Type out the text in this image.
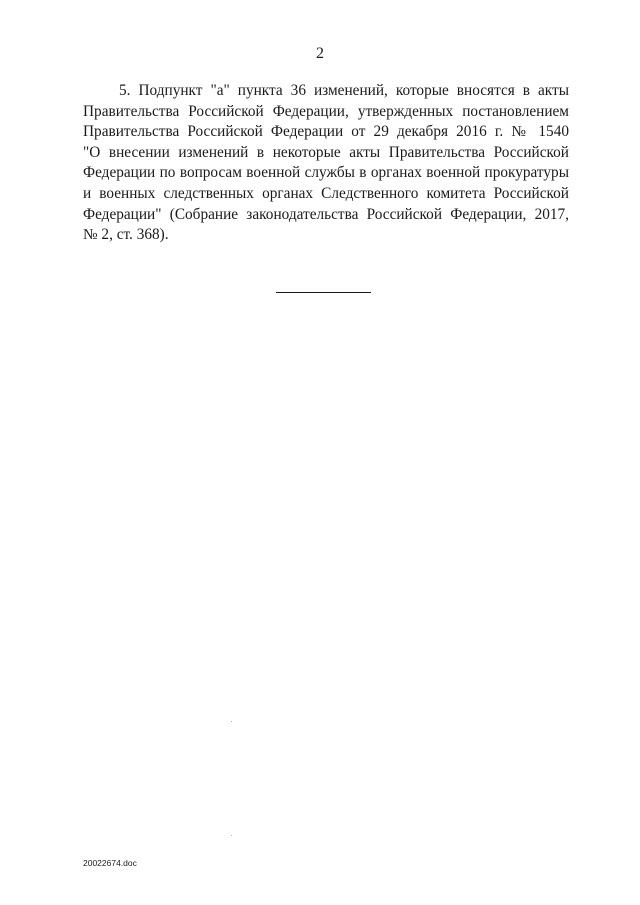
2
5. Подпункт "а" пункта 36 изменений, которые вносятся в акты
Правительства Российской Федерации, утвержденных постановлением
Правительства Российской Федерации от 29 декабря 2016 г. № 1540
"О внесении изменений в некоторые акты Правительства Российской
Федерации по вопросам военной службы в органах военной прокуратуры
и военных следственных органах Следственного комитета Российской
Федерации" (Собрание законодательства Российской Федерации, 2017,
№ 2, ст. 368).
20022674.doc
